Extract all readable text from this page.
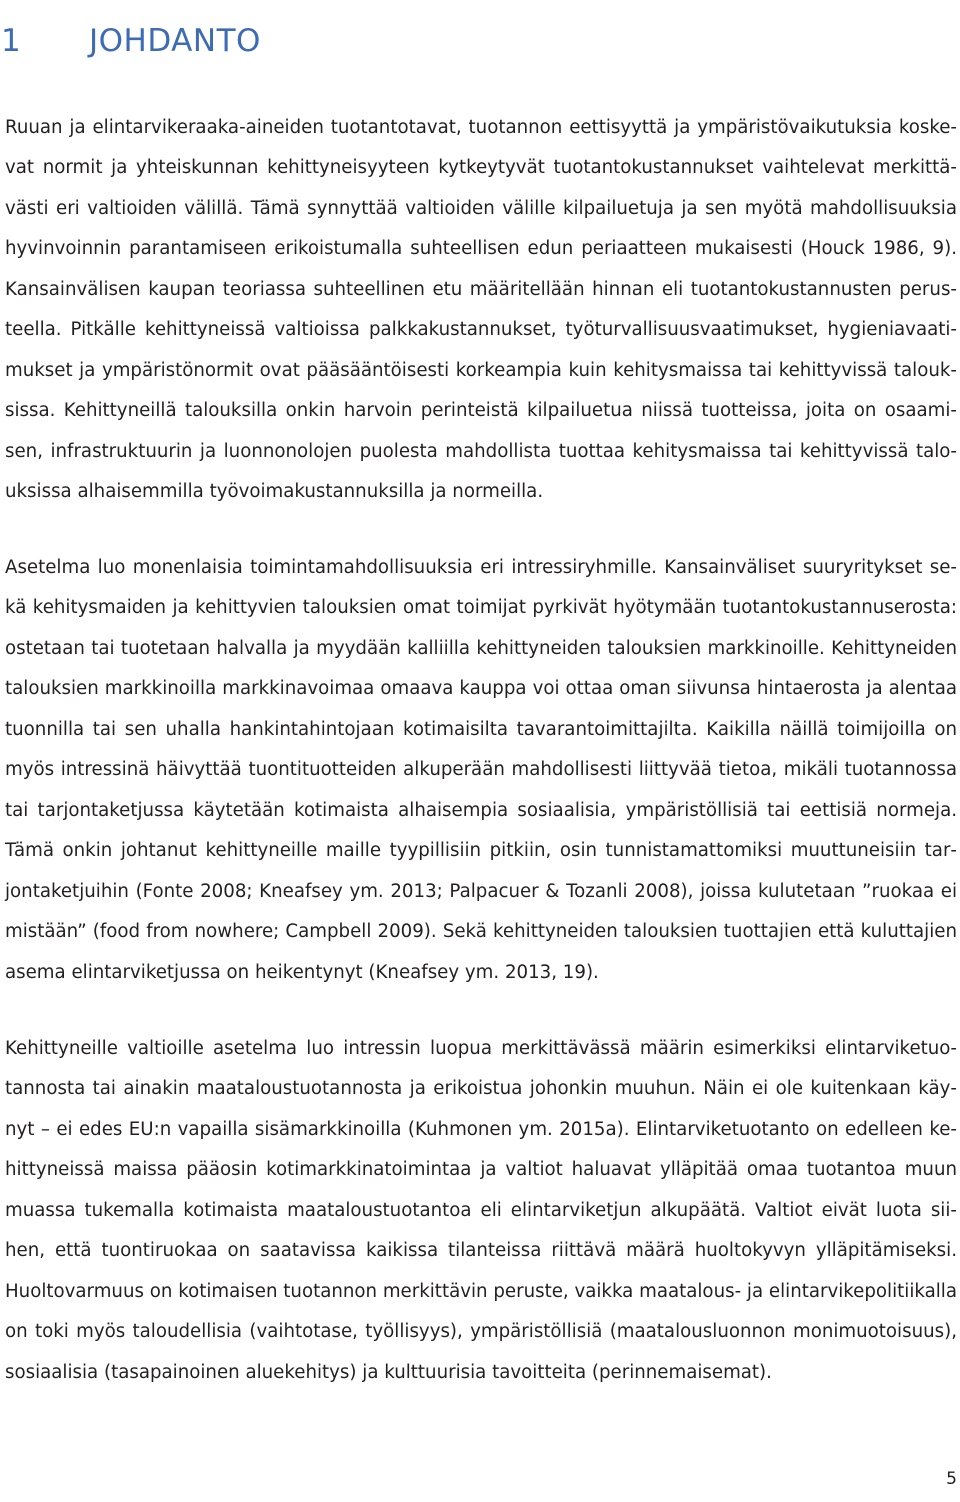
1	JOHDANTO

Ruuan ja elintarvikeraaka-aineiden tuotantotavat, tuotannon eettisyyttä ja ympäristövaikutuksia koskevat normit ja yhteiskunnan kehittyneisyyteen kytkeytyvät tuotantokustannukset vaihtelevat merkittävästi eri valtioiden välillä. Tämä synnyttää valtioiden välille kilpailuetuja ja sen myötä mahdollisuuksia hyvinvoinnin parantamiseen erikoistumalla suhteellisen edun periaatteen mukaisesti (Houck 1986, 9). Kansainvälisen kaupan teoriassa suhteellinen etu määritellään hinnan eli tuotantokustannusten perusteella. Pitkälle kehittyneissä valtioissa palkkakustannukset, työturvallisuusvaatimukset, hygieniavaatimukset ja ympäristönormit ovat pääsääntöisesti korkeampia kuin kehitysmaissa tai kehittyvissä talouksissa. Kehittyneillä talouksilla onkin harvoin perinteistä kilpailuetua niissä tuotteissa, joita on osaamisen, infrastruktuurin ja luonnonolojen puolesta mahdollista tuottaa kehitysmaissa tai kehittyvissä talouksissa alhaisemmilla työvoimakustannuksilla ja normeilla.

Asetelma luo monenlaisia toimintamahdollisuuksia eri intressiryhmille. Kansainväliset suuryritykset sekä kehitysmaiden ja kehittyvien talouksien omat toimijat pyrkivät hyötymään tuotantokustannuserosta: ostetaan tai tuotetaan halvalla ja myydään kalliilla kehittyneiden talouksien markkinoille. Kehittyneiden talouksien markkinoilla markkinavoimaa omaava kauppa voi ottaa oman siivunsa hintaerosta ja alentaa tuonnilla tai sen uhalla hankintahintojaan kotimaisilta tavarantoimittajilta. Kaikilla näillä toimijoilla on myös intressinä häivyttää tuontituotteiden alkuperään mahdollisesti liittyvää tietoa, mikäli tuotannossa tai tarjontaketjussa käytetään kotimaista alhaisempia sosiaalisia, ympäristöllisiä tai eettisiä normeja. Tämä onkin johtanut kehittyneille maille tyypillisiin pitkiin, osin tunnistamattomiksi muuttuneisiin tarjontaketjuihin (Fonte 2008; Kneafsey ym. 2013; Palpacuer & Tozanli 2008), joissa kulutetaan ”ruokaa ei mistään” (food from nowhere; Campbell 2009). Sekä kehittyneiden talouksien tuottajien että kuluttajien asema elintarviketjussa on heikentynyt (Kneafsey ym. 2013, 19).

Kehittyneille valtioille asetelma luo intressin luopua merkittävässä määrin esimerkiksi elintarviketuotannosta tai ainakin maataloustuotannosta ja erikoistua johonkin muuhun. Näin ei ole kuitenkaan käynyt – ei edes EU:n vapailla sisämarkkinoilla (Kuhmonen ym. 2015a). Elintarviketuotanto on edelleen kehittyneissä maissa pääosin kotimarkkinatoimintaa ja valtiot haluavat ylläpitää omaa tuotantoa muun muassa tukemalla kotimaista maataloustuotantoa eli elintarviketjun alkupäätä. Valtiot eivät luota siihen, että tuontiruokaa on saatavissa kaikissa tilanteissa riittävä määrä huoltokyvyn ylläpitämiseksi. Huoltovarmuus on kotimaisen tuotannon merkittävin peruste, vaikka maatalous- ja elintarvikepolitiikalla on toki myös taloudellisia (vaihtotase, työllisyys), ympäristöllisiä (maatalousluonnon monimuotoisuus), sosiaalisia (tasapainoinen aluekehitys) ja kulttuurisia tavoitteita (perinnemaisemat).

5
